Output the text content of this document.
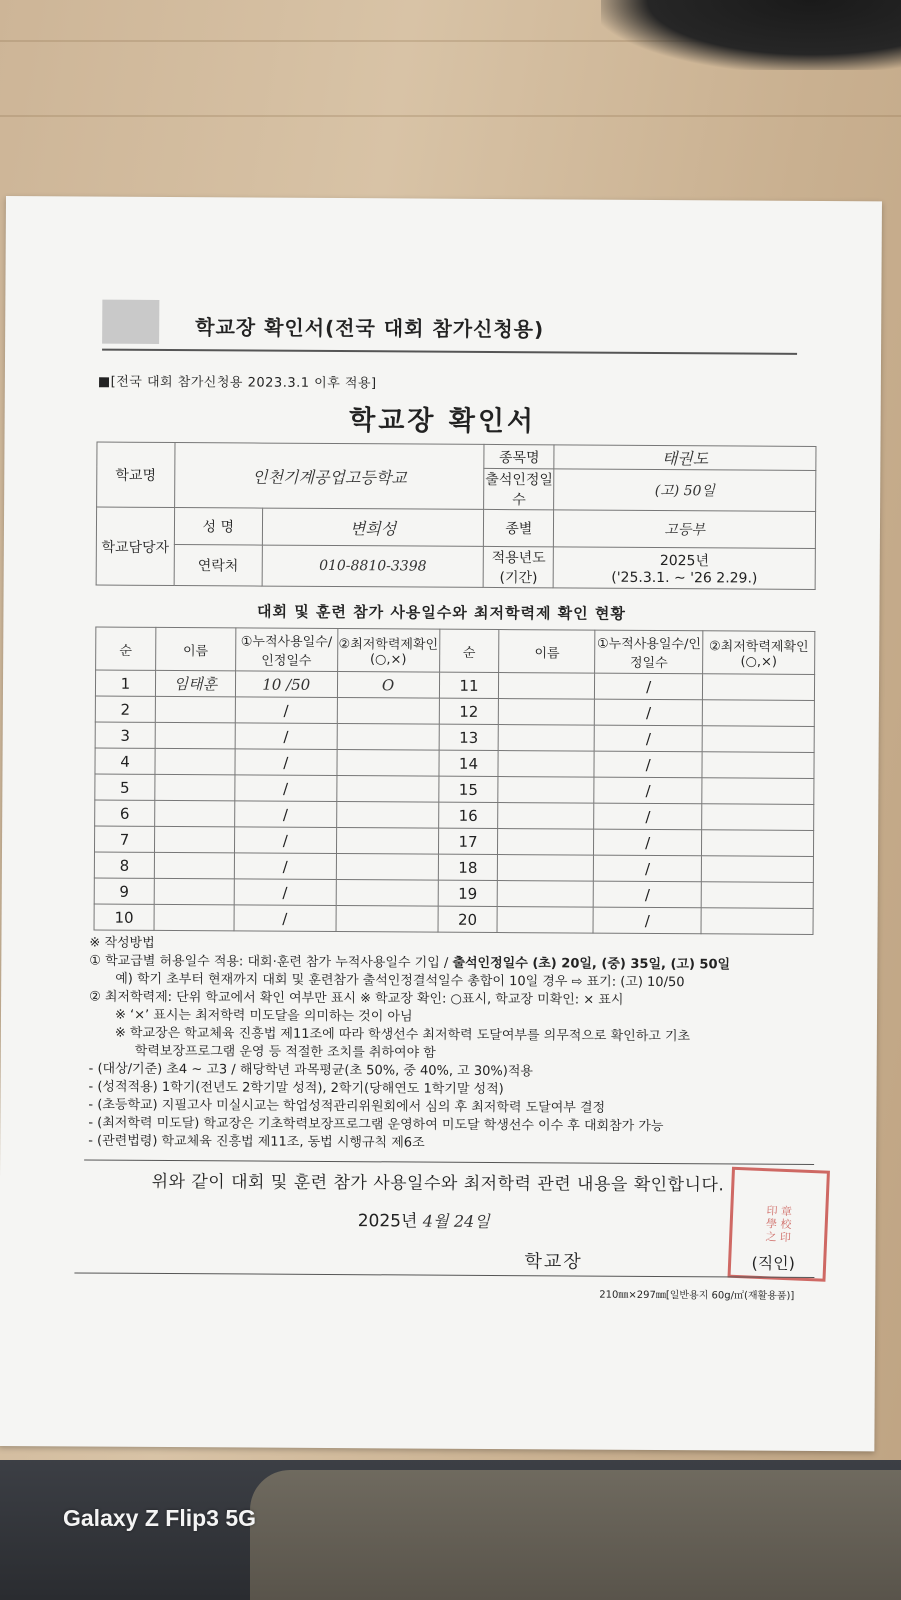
학교장 확인서(전국 대회 참가신청용)
■[전국 대회 참가신청용 2023.3.1 이후 적용]
학교장 확인서
학교명	인천기계공업고등학교		종목명	태권도
			출석인정일수	(고) 50일
학교담당자	성 명	변희성	종별	고등부
	연락처	010-8810-3398	적용년도(기간)	2025년
('25.3.1. ~ '26 2.29.)
대회 및 훈련 참가 사용일수와 최저학력제 확인 현황
순	이름	①누적사용일수/인정일수	②최저학력제확인(○,×)	순	이름	①누적사용일수/인정일수	②최저학력제확인(○,×)
1	임태훈	10 /50	O	11		/	
2		/		12		/	
3		/		13		/	
4		/		14		/	
5		/		15		/	
6		/		16		/	
7		/		17		/	
8		/		18		/	
9		/		19		/	
10		/		20		/	

※ 작성방법

① 학교급별 허용일수 적용: 대회·훈련 참가 누적사용일수 기입 / 출석인정일수 (초) 20일, (중) 35일, (고) 50일

예) 학기 초부터 현재까지 대회 및 훈련참가 출석인정결석일수 총합이 10일 경우 ⇨ 표기: (고) 10/50

② 최저학력제: 단위 학교에서 확인 여부만 표시 ※ 학교장 확인: ○표시, 학교장 미확인: × 표시

※ ‘×’ 표시는 최저학력 미도달을 의미하는 것이 아님

※ 학교장은 학교체육 진흥법 제11조에 따라 학생선수 최저학력 도달여부를 의무적으로 확인하고 기초

학력보장프로그램 운영 등 적절한 조치를 취하여야 함

- (대상/기준) 초4 ~ 고3 / 해당학년 과목평균(초 50%, 중 40%, 고 30%)적용

- (성적적용) 1학기(전년도 2학기말 성적), 2학기(당해연도 1학기말 성적)

- (초등학교) 지필고사 미실시교는 학업성적관리위원회에서 심의 후 최저학력 도달여부 결정

- (최저학력 미도달) 학교장은 기초학력보장프로그램 운영하여 미도달 학생선수 이수 후 대회참가 가능

- (관련법령) 학교체육 진흥법 제11조, 동법 시행규칙 제6조

위와 같이 대회 및 훈련 참가 사용일수와 최저학력 관련 내용을 확인합니다.
2025년 4월 24일
印 章
學 校
之 印
학교장	(직인)
210㎜×297㎜[일반용지 60g/㎡(재활용품)]
Galaxy Z Flip3 5G
